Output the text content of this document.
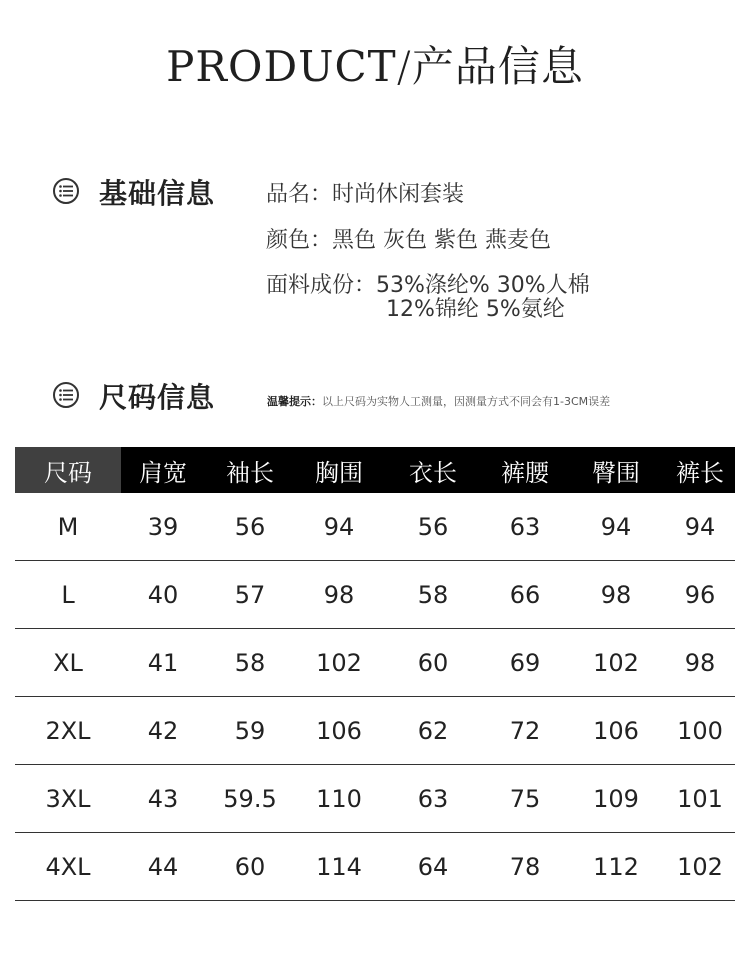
PRODUCT/产品信息
基础信息 品名：时尚休闲套装
颜色：黑色 灰色 紫色 燕麦色
面料成份：53%涤纶% 30%人棉
12%锦纶 5%氨纶
尺码信息	温馨提示：以上尺码为实物人工测量，因测量方式不同会有1-3CM误差
尺码	肩宽	袖长	胸围	衣长	裤腰	臀围	裤长
M	39	56	94	56	63	94	94
L	40	57	98	58	66	98	96
XL	41	58	102	60	69	102	98
2XL	42	59	106	62	72	106	100
3XL	43	59.5	110	63	75	109	101
4XL	44	60	114	64	78	112	102
